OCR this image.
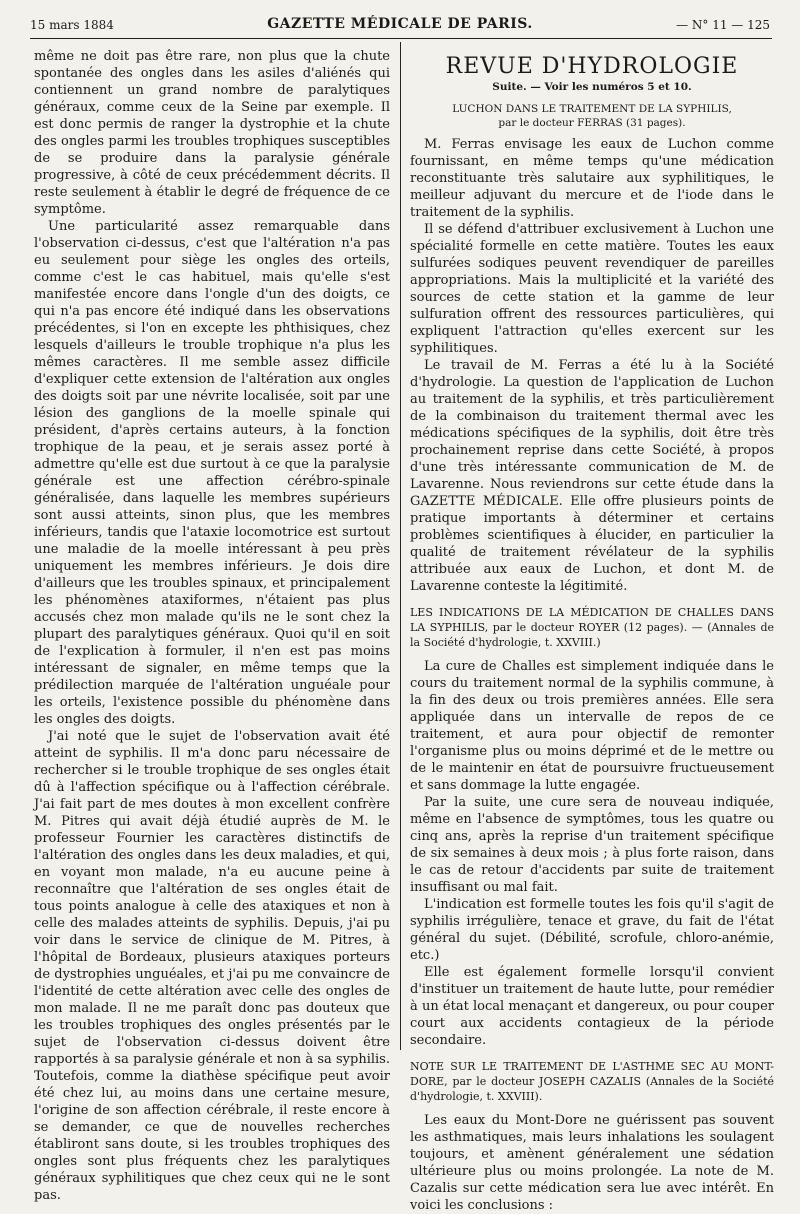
15 mars 1884	GAZETTE MÉDICALE DE PARIS.	— N° 11 — 125

même ne doit pas être rare, non plus que la chute spontanée des ongles dans les asiles d'aliénés qui contiennent un grand nombre de paralytiques généraux, comme ceux de la Seine par exemple. Il est donc permis de ranger la dystrophie et la chute des ongles parmi les troubles trophiques susceptibles de se produire dans la paralysie générale progressive, à côté de ceux précédemment décrits. Il reste seulement à établir le degré de fréquence de ce symptôme.

Une particularité assez remarquable dans l'observation ci-dessus, c'est que l'altération n'a pas eu seulement pour siège les ongles des orteils, comme c'est le cas habituel, mais qu'elle s'est manifestée encore dans l'ongle d'un des doigts, ce qui n'a pas encore été indiqué dans les observations précédentes, si l'on en excepte les phthisiques, chez lesquels d'ailleurs le trouble trophique n'a plus les mêmes caractères. Il me semble assez difficile d'expliquer cette extension de l'altération aux ongles des doigts soit par une névrite localisée, soit par une lésion des ganglions de la moelle spinale qui président, d'après certains auteurs, à la fonction trophique de la peau, et je serais assez porté à admettre qu'elle est due surtout à ce que la paralysie générale est une affection cérébro-spinale généralisée, dans laquelle les membres supérieurs sont aussi atteints, sinon plus, que les membres inférieurs, tandis que l'ataxie locomotrice est surtout une maladie de la moelle intéressant à peu près uniquement les membres inférieurs. Je dois dire d'ailleurs que les troubles spinaux, et principalement les phénomènes ataxiformes, n'étaient pas plus accusés chez mon malade qu'ils ne le sont chez la plupart des paralytiques généraux. Quoi qu'il en soit de l'explication à formuler, il n'en est pas moins intéressant de signaler, en même temps que la prédilection marquée de l'altération unguéale pour les orteils, l'existence possible du phénomène dans les ongles des doigts.

J'ai noté que le sujet de l'observation avait été atteint de syphilis. Il m'a donc paru nécessaire de rechercher si le trouble trophique de ses ongles était dû à l'affection spécifique ou à l'affection cérébrale. J'ai fait part de mes doutes à mon excellent confrère M. Pitres qui avait déjà étudié auprès de M. le professeur Fournier les caractères distinctifs de l'altération des ongles dans les deux maladies, et qui, en voyant mon malade, n'a eu aucune peine à reconnaître que l'altération de ses ongles était de tous points analogue à celle des ataxiques et non à celle des malades atteints de syphilis. Depuis, j'ai pu voir dans le service de clinique de M. Pitres, à l'hôpital de Bordeaux, plusieurs ataxiques porteurs de dystrophies unguéales, et j'ai pu me convaincre de l'identité de cette altération avec celle des ongles de mon malade. Il ne me paraît donc pas douteux que les troubles trophiques des ongles présentés par le sujet de l'observation ci-dessus doivent être rapportés à sa paralysie générale et non à sa syphilis. Toutefois, comme la diathèse spécifique peut avoir été chez lui, au moins dans une certaine mesure, l'origine de son affection cérébrale, il reste encore à se demander, ce que de nouvelles recherches établiront sans doute, si les troubles trophiques des ongles sont plus fréquents chez les paralytiques généraux syphilitiques que chez ceux qui ne le sont pas.

REVUE D'HYDROLOGIE

Suite. — Voir les numéros 5 et 10.

LUCHON DANS LE TRAITEMENT DE LA SYPHILIS,
par le docteur FERRAS (31 pages).

M. Ferras envisage les eaux de Luchon comme fournissant, en même temps qu'une médication reconstituante très salutaire aux syphilitiques, le meilleur adjuvant du mercure et de l'iode dans le traitement de la syphilis.

Il se défend d'attribuer exclusivement à Luchon une spécialité formelle en cette matière. Toutes les eaux sulfurées sodiques peuvent revendiquer de pareilles appropriations. Mais la multiplicité et la variété des sources de cette station et la gamme de leur sulfuration offrent des ressources particulières, qui expliquent l'attraction qu'elles exercent sur les syphilitiques.

Le travail de M. Ferras a été lu à la Société d'hydrologie. La question de l'application de Luchon au traitement de la syphilis, et très particulièrement de la combinaison du traitement thermal avec les médications spécifiques de la syphilis, doit être très prochainement reprise dans cette Société, à propos d'une très intéressante communication de M. de Lavarenne. Nous reviendrons sur cette étude dans la GAZETTE MÉDICALE. Elle offre plusieurs points de pratique importants à déterminer et certains problèmes scientifiques à élucider, en particulier la qualité de traitement révélateur de la syphilis attribuée aux eaux de Luchon, et dont M. de Lavarenne conteste la légitimité.

LES INDICATIONS DE LA MÉDICATION DE CHALLES DANS LA SYPHILIS, par le docteur ROYER (12 pages). — (Annales de la Société d'hydrologie, t. XXVIII.)

La cure de Challes est simplement indiquée dans le cours du traitement normal de la syphilis commune, à la fin des deux ou trois premières années. Elle sera appliquée dans un intervalle de repos de ce traitement, et aura pour objectif de remonter l'organisme plus ou moins déprimé et de le mettre ou de le maintenir en état de poursuivre fructueusement et sans dommage la lutte engagée.

Par la suite, une cure sera de nouveau indiquée, même en l'absence de symptômes, tous les quatre ou cinq ans, après la reprise d'un traitement spécifique de six semaines à deux mois ; à plus forte raison, dans le cas de retour d'accidents par suite de traitement insuffisant ou mal fait.

L'indication est formelle toutes les fois qu'il s'agit de syphilis irrégulière, tenace et grave, du fait de l'état général du sujet. (Débilité, scrofule, chloro-anémie, etc.)

Elle est également formelle lorsqu'il convient d'instituer un traitement de haute lutte, pour remédier à un état local menaçant et dangereux, ou pour couper court aux accidents contagieux de la période secondaire.

NOTE SUR LE TRAITEMENT DE L'ASTHME SEC AU MONT-DORE, par le docteur JOSEPH CAZALIS (Annales de la Société d'hydrologie, t. XXVIII).

Les eaux du Mont-Dore ne guérissent pas souvent les asthmatiques, mais leurs inhalations les soulagent toujours, et amènent généralement une sédation ultérieure plus ou moins prolongée. La note de M. Cazalis sur cette médication sera lue avec intérêt. En voici les conclusions :
